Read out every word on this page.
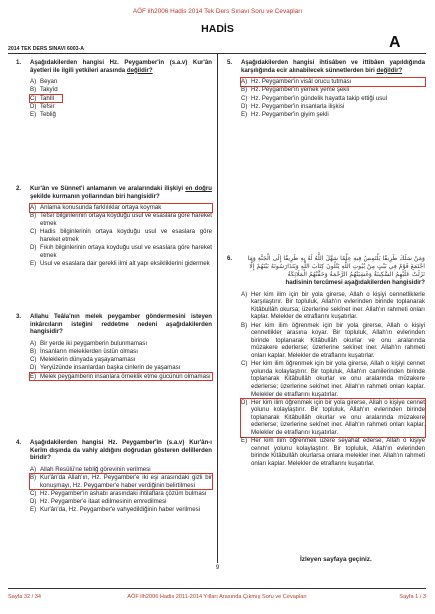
AÖF ilh2006 Hadis 2014 Tek Ders Sınavı Soru ve Cevapları
HADİS
A
2014 TEK DERS SINAVI 6003-A
1.	Aşağıdakilerden hangisi Hz. Peygamber'in (s.a.v) Kur'ân âyetleri ile ilgili yetkileri arasında değildir?
A) Beyan
B) Takyîd
C) Tahlîl
D) Tefsir
E) Tebliğ
2.	Kur'ân ve Sünnet'i anlamanın ve aralarındaki ilişkiyi en doğru şekilde kurmanın yollarından biri hangisidir?
A) Anlama konusunda farklılıklar ortaya koymak
B) Tefsir bilginlerinin ortaya koyduğu usul ve esaslara göre hareket etmek
C) Hadis bilginlerinin ortaya koyduğu usul ve esaslara göre hareket etmek
D) Fıkıh bilginlerinin ortaya koyduğu usul ve esaslara göre hareket etmek
E) Usul ve esaslara dair gerekli ilmi alt yapı eksikliklerini gidermek
3.	Allahu Teâla'nın melek peygamber göndermesini isteyen inkârcıların isteğini reddetme nedeni aşağıdakilerden hangisidir?
A) Bir yerde iki peygamberin bulunmaması
B) İnsanların meleklerden üstün olması
C) Meleklerin dünyada yaşayamaması
D) Yeryüzünde insanlardan başka cinlerin de yaşaması
E) Melek peygamberin insanlara örneklik etme gücünün olmaması
4.	Aşağıdakilerden hangisi Hz. Peygamber'in (s.a.v) Kur'ân-ı Kerîm dışında da vahiy aldığını doğrudan gösteren delillerden biridir?
A) Allah Resûlü'ne tebliğ görevinin verilmesi
B) Kur'ân'da Allah'ın, Hz. Peygamber'e iki eşi arasındaki gizli bir konuşmayı, Hz. Peygamber'e haber verdiğinin belirtilmesi
C) Hz. Peygamber'in ashabı arasındaki ihtilaflara çözüm bulması
D) Hz. Peygamber'e itaat edilmesinin emredilmesi
E) Kur'ân'da, Hz. Peygamber'e vahyedildiğinin haber verilmesi
5.	Aşağıdakilerden hangisi ihtisâben ve ittibâen yapıldığında karşılığında ecir alınabilecek sünnetlerden biri değildir?
A) Hz. Peygamber'in visâl orucu tutması
B) Hz. Peygamber'in yemek yeme şekli
C) Hz. Peygamber'in gündelik hayatta takip ettiği usul
D) Hz. Peygamber'in insanlarla ilişkisi
E) Hz. Peygamber'in giyim şekli
6.	وَمَنْ سَلَكَ طَرِيقًا يَلْتَمِسُ فِيهِ عِلْمًا سَهَّلَ اللَّهُ لَهُ بِهِ طَرِيقًا إِلَى الْجَنَّةِ وَمَا اجْتَمَعَ قَوْمٌ فِي بَيْتٍ مِنْ بُيُوتِ اللَّهِ يَتْلُونَ كِتَابَ اللَّهِ وَيَتَدَارَسُونَهُ بَيْنَهُمْ إِلَّا نَزَلَتْ عَلَيْهِمُ السَّكِينَةُ وَغَشِيَتْهُمُ الرَّحْمَةُ وَحَفَّتْهُمُ الْمَلَائِكَةُ
hadisinin tercümesi aşağıdakilerden hangisidir?
A) Her kim ilim için bir yola girerse, Allah o kişiyi cennetliklerle karşılaştırır. Bir topluluk, Allah'ın evlerinden birinde toplanarak Kitâbullâh okursa; üzerlerine sekînet iner. Allah'ın rahmeti onları kaplar. Melekler de etraflarını kuşatırlar.
B) Her kim ilim öğrenmek için bir yola girerse, Allah o kişiyi cennetlikler arasına koyar. Bir topluluk, Allah'ın evlerinden birinde toplanarak Kitâbullâh okurlar ve onu aralarında müzakere ederlerse; üzerlerine sekînet iner. Allah'ın rahmeti onları kaplar. Melekler de etraflarını kuşatırlar.
C) Her kim ilim öğrenmek için bir yola girerse, Allah o kişiyi cennet yolunda kolaylaştırır. Bir topluluk, Allah'ın camilerinden birinde toplanarak Kitâbullâh okurlar ve onu aralarında müzakere ederlerse; üzerlerine sekînet iner. Allah'ın rahmeti onları kaplar. Melekler de etraflarını kuşatırlar.
D) Her kim ilim öğrenmek için bir yola girerse, Allah o kişiye cennet yolunu kolaylaştırır. Bir topluluk, Allah'ın evlerinden birinde toplanarak Kitâbullâh okurlar ve onu aralarında müzakere ederlerse; üzerlerine sekînet iner. Allah'ın rahmeti onları kaplar. Melekler de etraflarını kuşatırlar.
E) Her kim ilim öğrenmek üzere seyahat ederse, Allah o kişiye cennet yolunu kolaylaştırır. Bir topluluk, Allah'ın evlerinden birinde Kitâbullâh okurlarsa onlara melekler iner. Allah'ın rahmeti onları kaplar. Melekler de etraflarını kuşatırlar.
İzleyen sayfaya geçiniz.
9
Sayfa 32 / 34	AÖF ilh2006 Hadis 2011-2014 Yılları Arasında Çıkmış Soru ve Cevapları	Sayfa 1 / 3
